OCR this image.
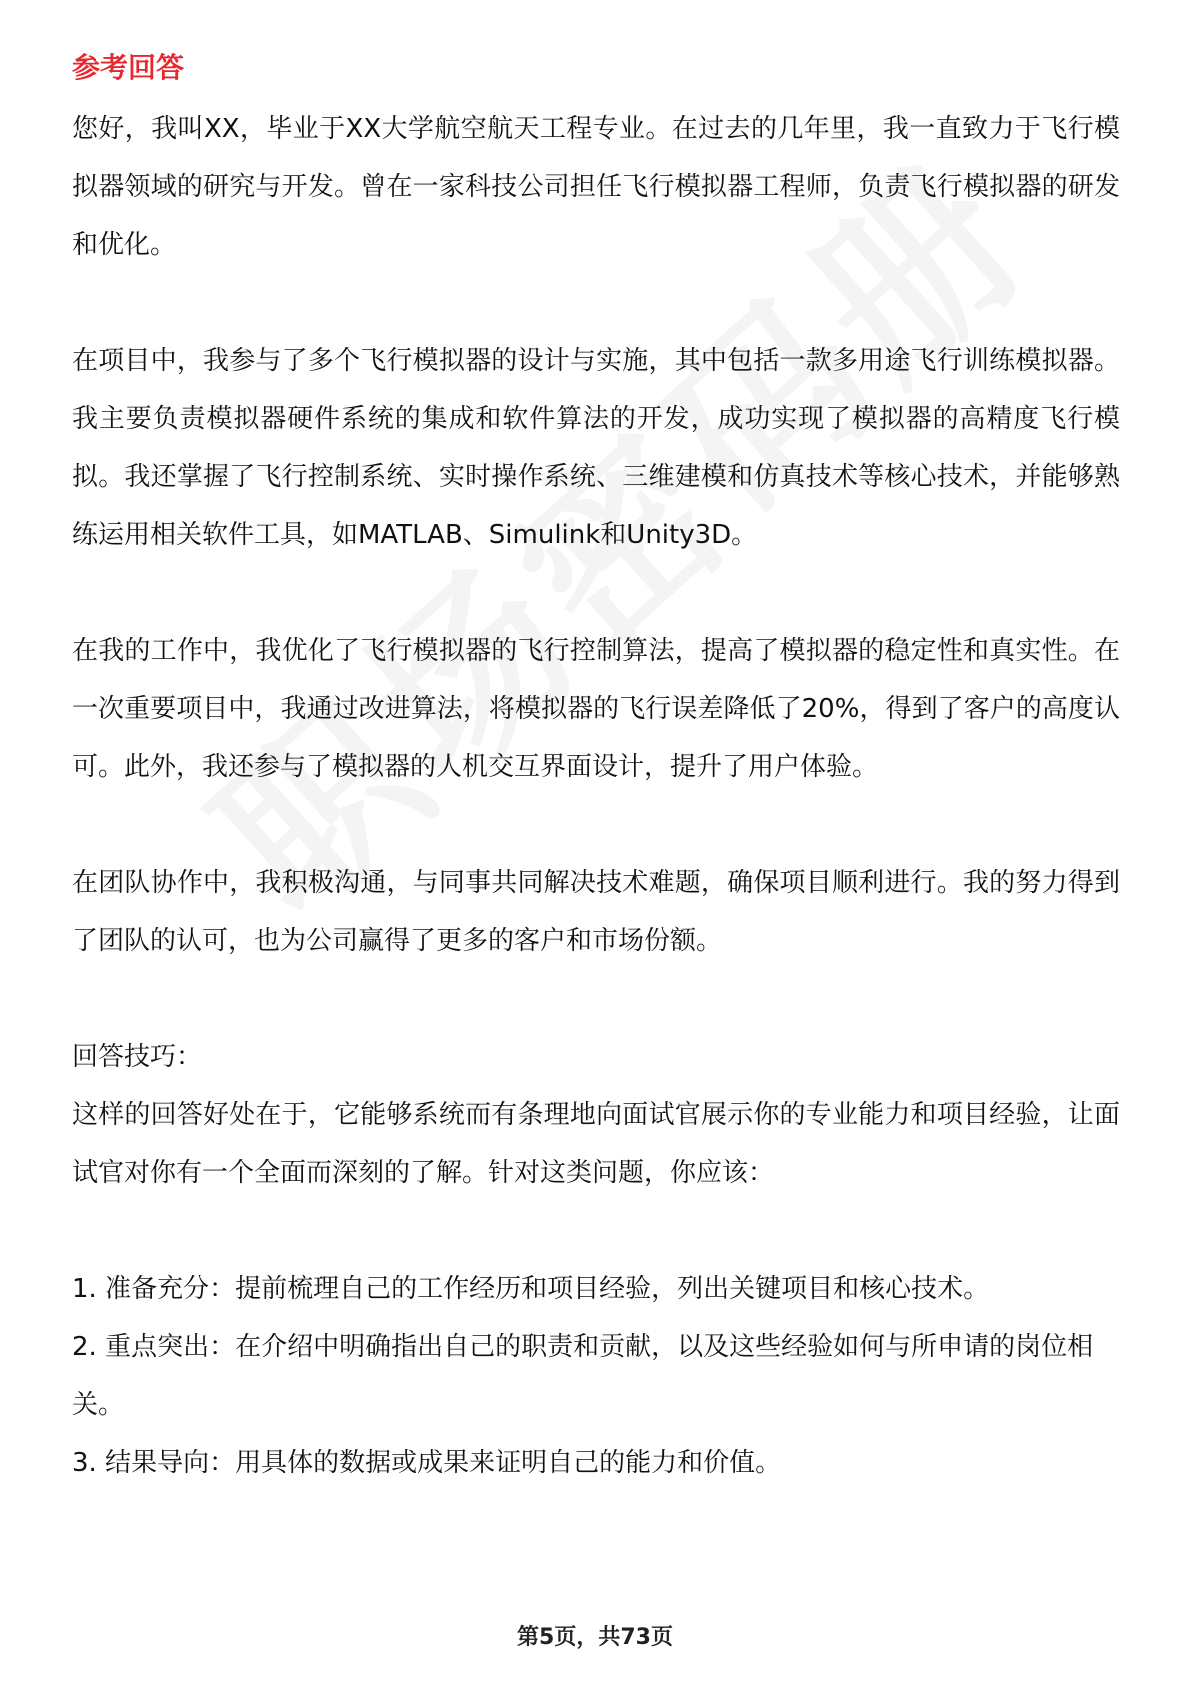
参考回答

您好，我叫XX，毕业于XX大学航空航天工程专业。在过去的几年里，我一直致力于飞行模拟器领域的研究与开发。曾在一家科技公司担任飞行模拟器工程师，负责飞行模拟器的研发和优化。

在项目中，我参与了多个飞行模拟器的设计与实施，其中包括一款多用途飞行训练模拟器。我主要负责模拟器硬件系统的集成和软件算法的开发，成功实现了模拟器的高精度飞行模拟。我还掌握了飞行控制系统、实时操作系统、三维建模和仿真技术等核心技术，并能够熟练运用相关软件工具，如MATLAB、Simulink和Unity3D。

在我的工作中，我优化了飞行模拟器的飞行控制算法，提高了模拟器的稳定性和真实性。在一次重要项目中，我通过改进算法，将模拟器的飞行误差降低了20%，得到了客户的高度认可。此外，我还参与了模拟器的人机交互界面设计，提升了用户体验。

在团队协作中，我积极沟通，与同事共同解决技术难题，确保项目顺利进行。我的努力得到了团队的认可，也为公司赢得了更多的客户和市场份额。

回答技巧：

这样的回答好处在于，它能够系统而有条理地向面试官展示你的专业能力和项目经验，让面试官对你有一个全面而深刻的了解。针对这类问题，你应该：

1. 准备充分：提前梳理自己的工作经历和项目经验，列出关键项目和核心技术。

2. 重点突出：在介绍中明确指出自己的职责和贡献，以及这些经验如何与所申请的岗位相关。

3. 结果导向：用具体的数据或成果来证明自己的能力和价值。

第5页，共73页
